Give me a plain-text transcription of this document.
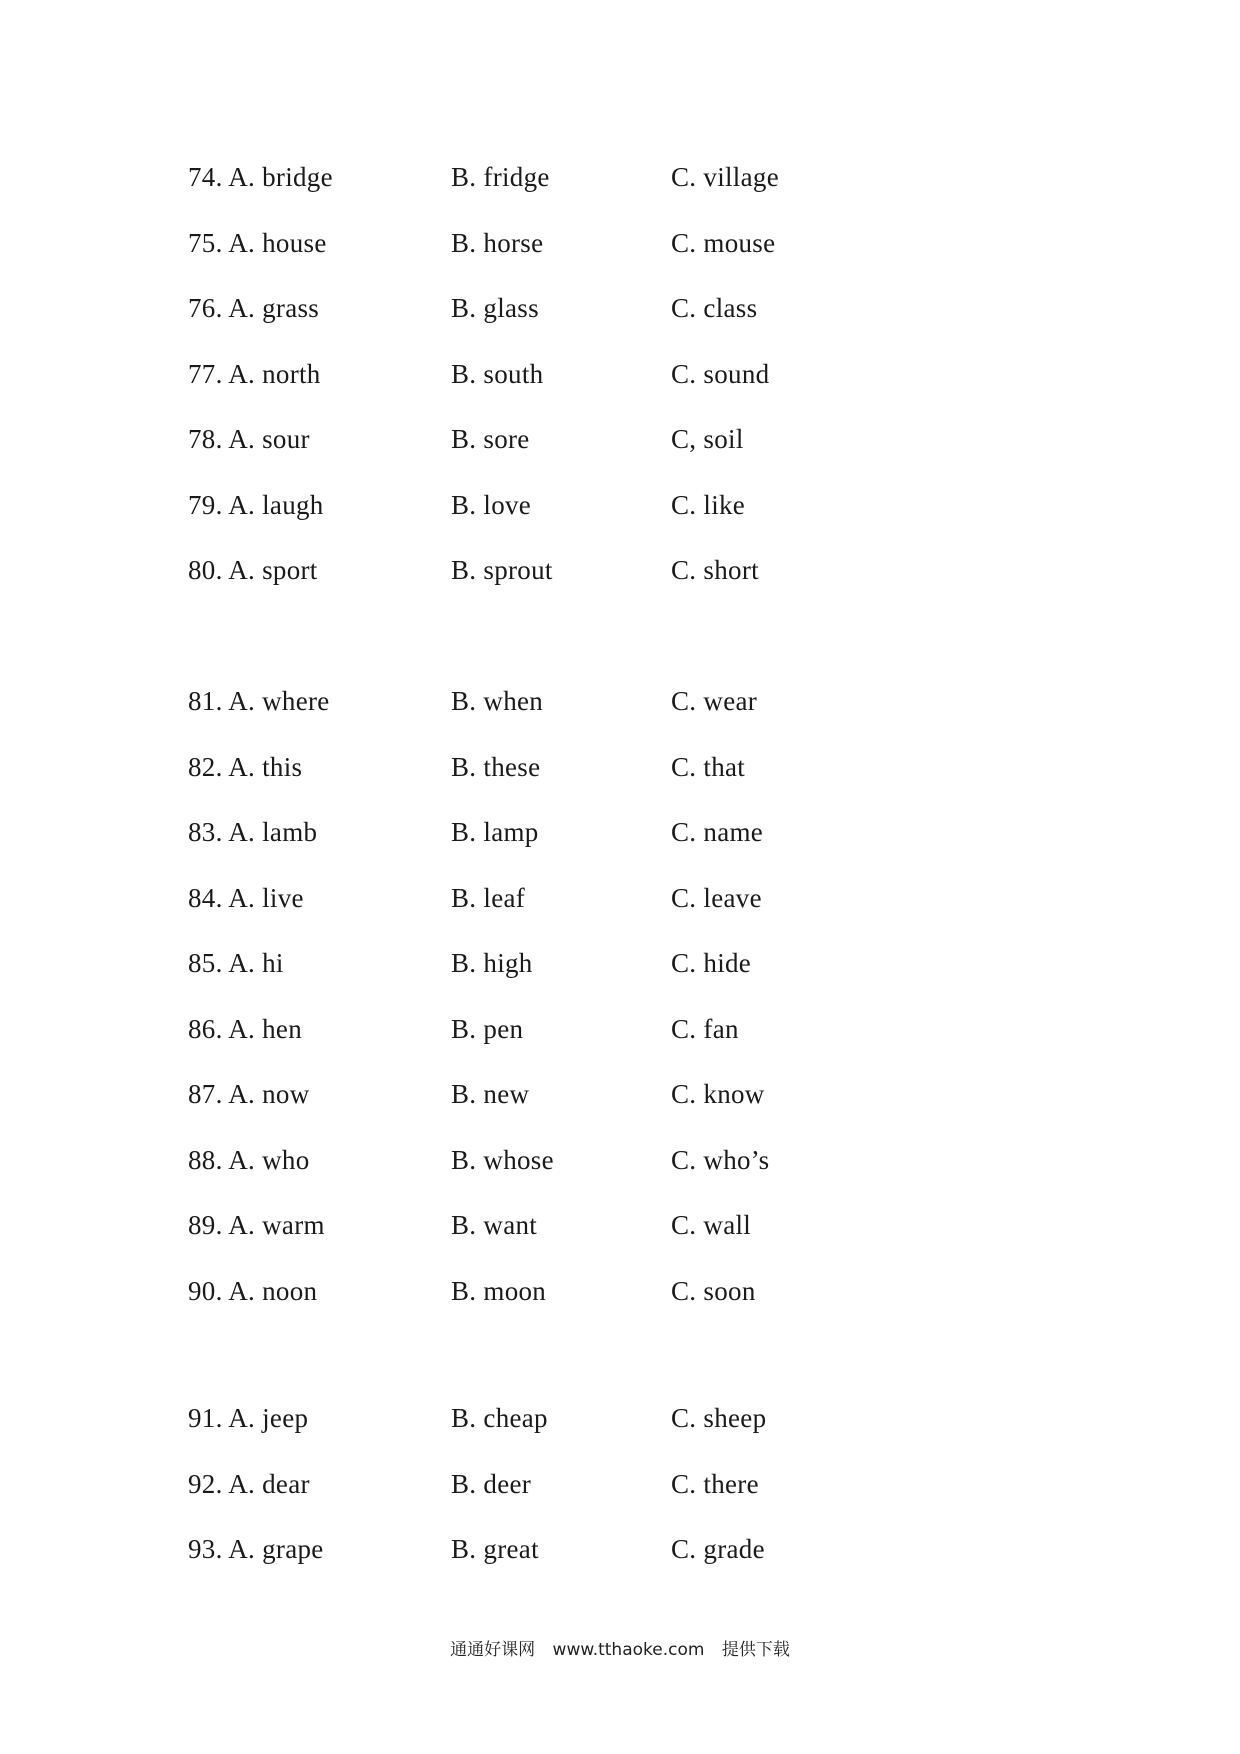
74. A. bridge	B. fridge	C. village
75. A. house	B. horse	C. mouse
76. A. grass	B. glass	C. class
77. A. north	B. south	C. sound
78. A. sour	B. sore	C, soil
79. A. laugh	B. love	C. like
80. A. sport	B. sprout	C. short
81. A. where	B. when	C. wear
82. A. this	B. these	C. that
83. A. lamb	B. lamp	C. name
84. A. live	B. leaf	C. leave
85. A. hi	B. high	C. hide
86. A. hen	B. pen	C. fan
87. A. now	B. new	C. know
88. A. who	B. whose	C. who’s
89. A. warm	B. want	C. wall
90. A. noon	B. moon	C. soon
91. A. jeep	B. cheap	C. sheep
92. A. dear	B. deer	C. there
93. A. grape	B. great	C. grade
通通好课网 www.tthaoke.com 提供下载
